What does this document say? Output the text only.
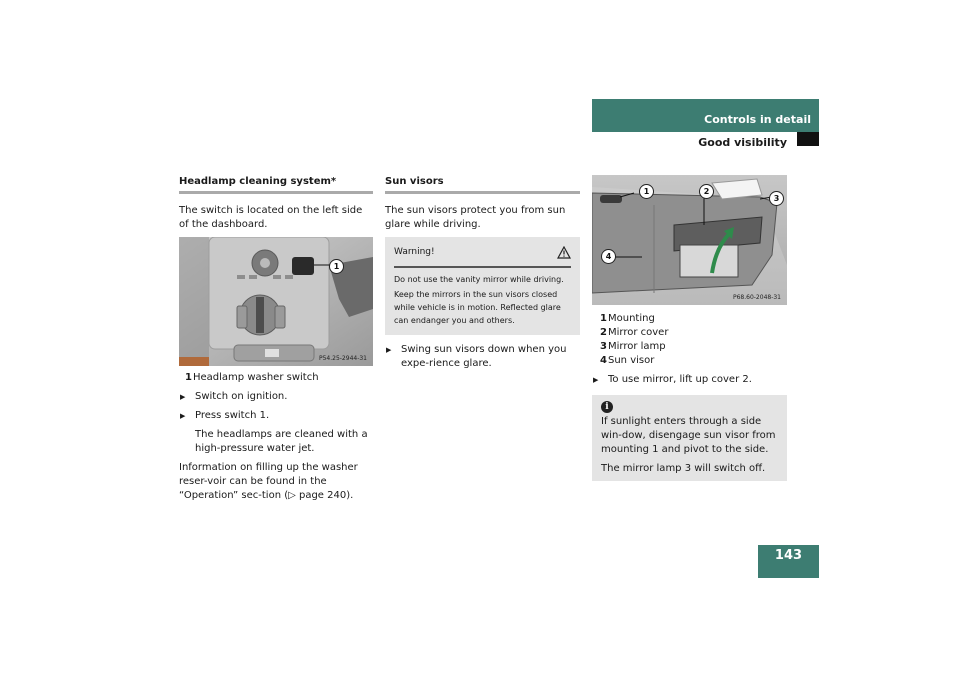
Controls in detail
Good visibility
143
Headlamp cleaning system*

The switch is located on the left side of the dashboard.

1
P54.25-2944-31
1Headlamp washer switch
▶ Switch on ignition.
▶ Press switch 1.
The headlamps are cleaned with a high-pressure water jet.

Information on filling up the washer reser-voir can be found in the “Operation” sec-tion (▷ page 240).

Sun visors

The sun visors protect you from sun glare while driving.

Warning!

Do not use the vanity mirror while driving.

Keep the mirrors in the sun visors closed while vehicle is in motion. Reflected glare can endanger you and others.

▶ Swing sun visors down when you expe-rience glare.
1	2
3
4
P68.60-2048-31
1Mounting
2Mirror cover
3Mirror lamp
4Sun visor
▶ To use mirror, lift up cover 2.
i

If sunlight enters through a side win-dow, disengage sun visor from mounting 1 and pivot to the side.

The mirror lamp 3 will switch off.
